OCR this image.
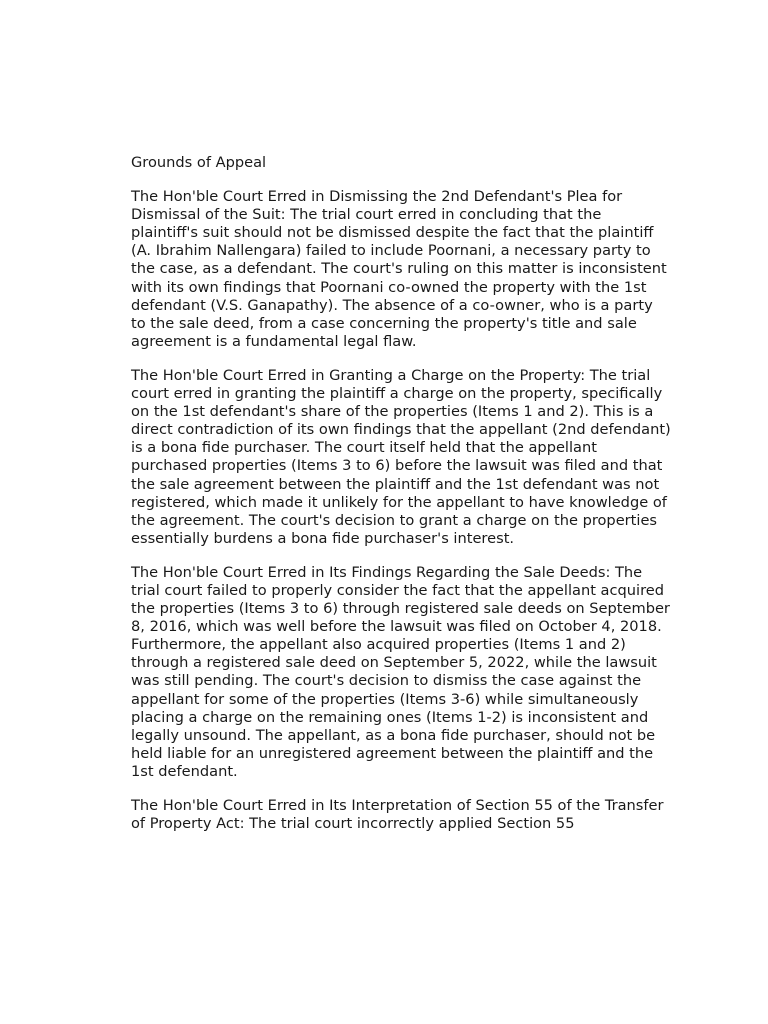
Grounds of Appeal

The Hon'ble Court Erred in Dismissing the 2nd Defendant's Plea for Dismissal of the Suit: The trial court erred in concluding that the plaintiff's suit should not be dismissed despite the fact that the plaintiff (A. Ibrahim Nallengara) failed to include Poornani, a necessary party to the case, as a defendant. The court's ruling on this matter is inconsistent with its own findings that Poornani co-owned the property with the 1st defendant (V.S. Ganapathy). The absence of a co-owner, who is a party to the sale deed, from a case concerning the property's title and sale agreement is a fundamental legal flaw.

The Hon'ble Court Erred in Granting a Charge on the Property: The trial court erred in granting the plaintiff a charge on the property, specifically on the 1st defendant's share of the properties (Items 1 and 2). This is a direct contradiction of its own findings that the appellant (2nd defendant) is a bona fide purchaser. The court itself held that the appellant purchased properties (Items 3 to 6) before the lawsuit was filed and that the sale agreement between the plaintiff and the 1st defendant was not registered, which made it unlikely for the appellant to have knowledge of the agreement. The court's decision to grant a charge on the properties essentially burdens a bona fide purchaser's interest.

The Hon'ble Court Erred in Its Findings Regarding the Sale Deeds: The trial court failed to properly consider the fact that the appellant acquired the properties (Items 3 to 6) through registered sale deeds on September 8, 2016, which was well before the lawsuit was filed on October 4, 2018. Furthermore, the appellant also acquired properties (Items 1 and 2) through a registered sale deed on September 5, 2022, while the lawsuit was still pending. The court's decision to dismiss the case against the appellant for some of the properties (Items 3-6) while simultaneously placing a charge on the remaining ones (Items 1-2) is inconsistent and legally unsound. The appellant, as a bona fide purchaser, should not be held liable for an unregistered agreement between the plaintiff and the 1st defendant.

The Hon'ble Court Erred in Its Interpretation of Section 55 of the Transfer of Property Act: The trial court incorrectly applied Section 55
